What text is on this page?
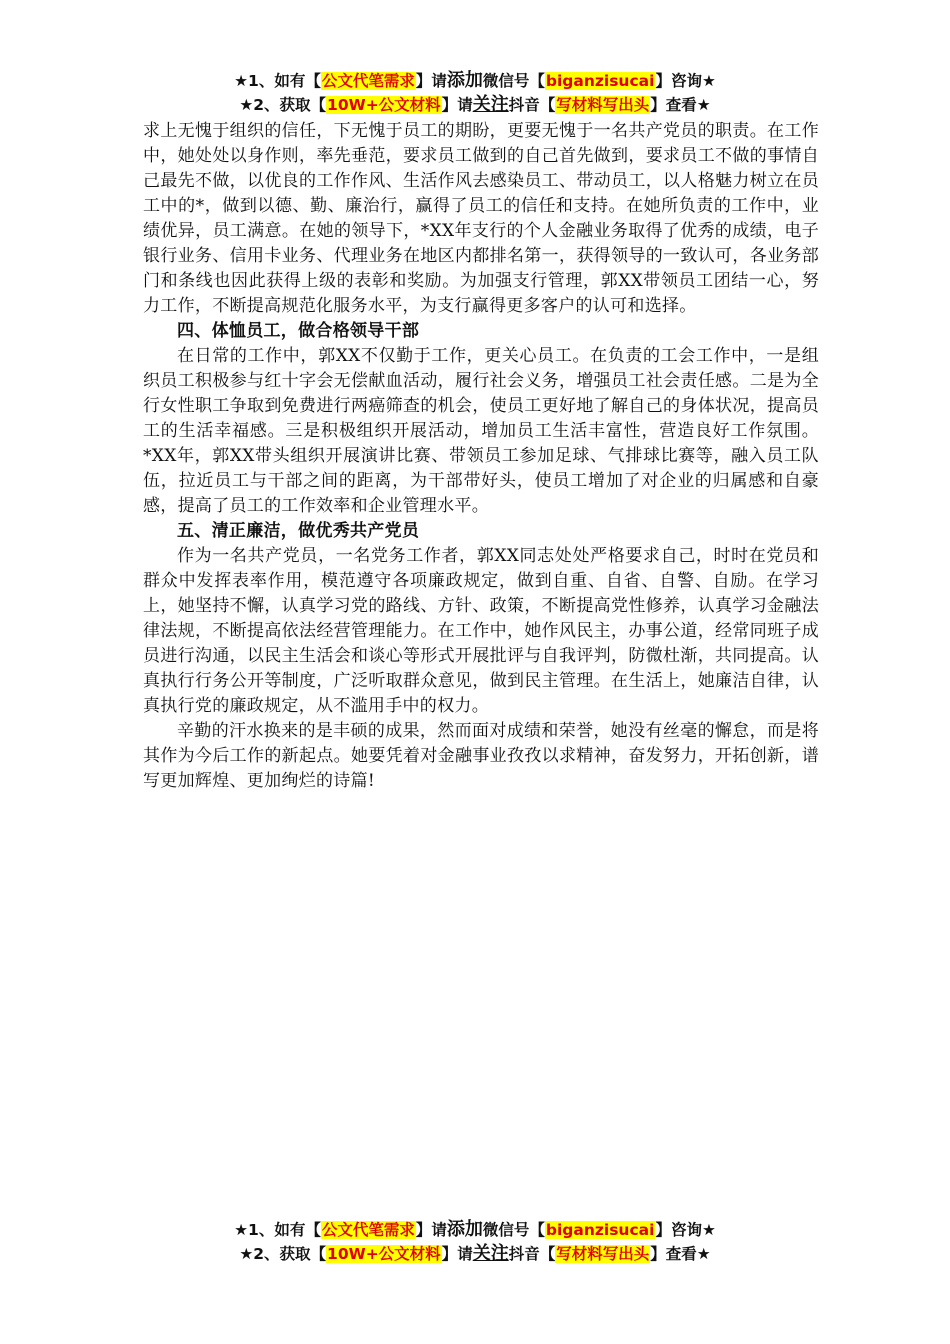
★1、如有【公文代笔需求】请添加微信号【biganzisucai】咨询★
★2、获取【10W+公文材料】请关注抖音【写材料写出头】查看★

求上无愧于组织的信任，下无愧于员工的期盼，更要无愧于一名共产党员的职责。在工作中，她处处以身作则，率先垂范，要求员工做到的自己首先做到，要求员工不做的事情自己最先不做，以优良的工作作风、生活作风去感染员工、带动员工，以人格魅力树立在员工中的*，做到以德、勤、廉治行，赢得了员工的信任和支持。在她所负责的工作中，业绩优异，员工满意。在她的领导下，*XX年支行的个人金融业务取得了优秀的成绩，电子银行业务、信用卡业务、代理业务在地区内都排名第一，获得领导的一致认可，各业务部门和条线也因此获得上级的表彰和奖励。为加强支行管理，郭XX带领员工团结一心，努力工作，不断提高规范化服务水平，为支行赢得更多客户的认可和选择。

四、体恤员工，做合格领导干部

在日常的工作中，郭XX不仅勤于工作，更关心员工。在负责的工会工作中，一是组织员工积极参与红十字会无偿献血活动，履行社会义务，增强员工社会责任感。二是为全行女性职工争取到免费进行两癌筛查的机会，使员工更好地了解自己的身体状况，提高员工的生活幸福感。三是积极组织开展活动，增加员工生活丰富性，营造良好工作氛围。*XX年，郭XX带头组织开展演讲比赛、带领员工参加足球、气排球比赛等，融入员工队伍，拉近员工与干部之间的距离，为干部带好头，使员工增加了对企业的归属感和自豪感，提高了员工的工作效率和企业管理水平。

五、清正廉洁，做优秀共产党员

作为一名共产党员，一名党务工作者，郭XX同志处处严格要求自己，时时在党员和群众中发挥表率作用，模范遵守各项廉政规定，做到自重、自省、自警、自励。在学习上，她坚持不懈，认真学习党的路线、方针、政策，不断提高党性修养，认真学习金融法律法规，不断提高依法经营管理能力。在工作中，她作风民主，办事公道，经常同班子成员进行沟通，以民主生活会和谈心等形式开展批评与自我评判，防微杜渐，共同提高。认真执行行务公开等制度，广泛听取群众意见，做到民主管理。在生活上，她廉洁自律，认真执行党的廉政规定，从不滥用手中的权力。

辛勤的汗水换来的是丰硕的成果，然而面对成绩和荣誉，她没有丝毫的懈怠，而是将其作为今后工作的新起点。她要凭着对金融事业孜孜以求精神，奋发努力，开拓创新，谱写更加辉煌、更加绚烂的诗篇!

★1、如有【公文代笔需求】请添加微信号【biganzisucai】咨询★
★2、获取【10W+公文材料】请关注抖音【写材料写出头】查看★
